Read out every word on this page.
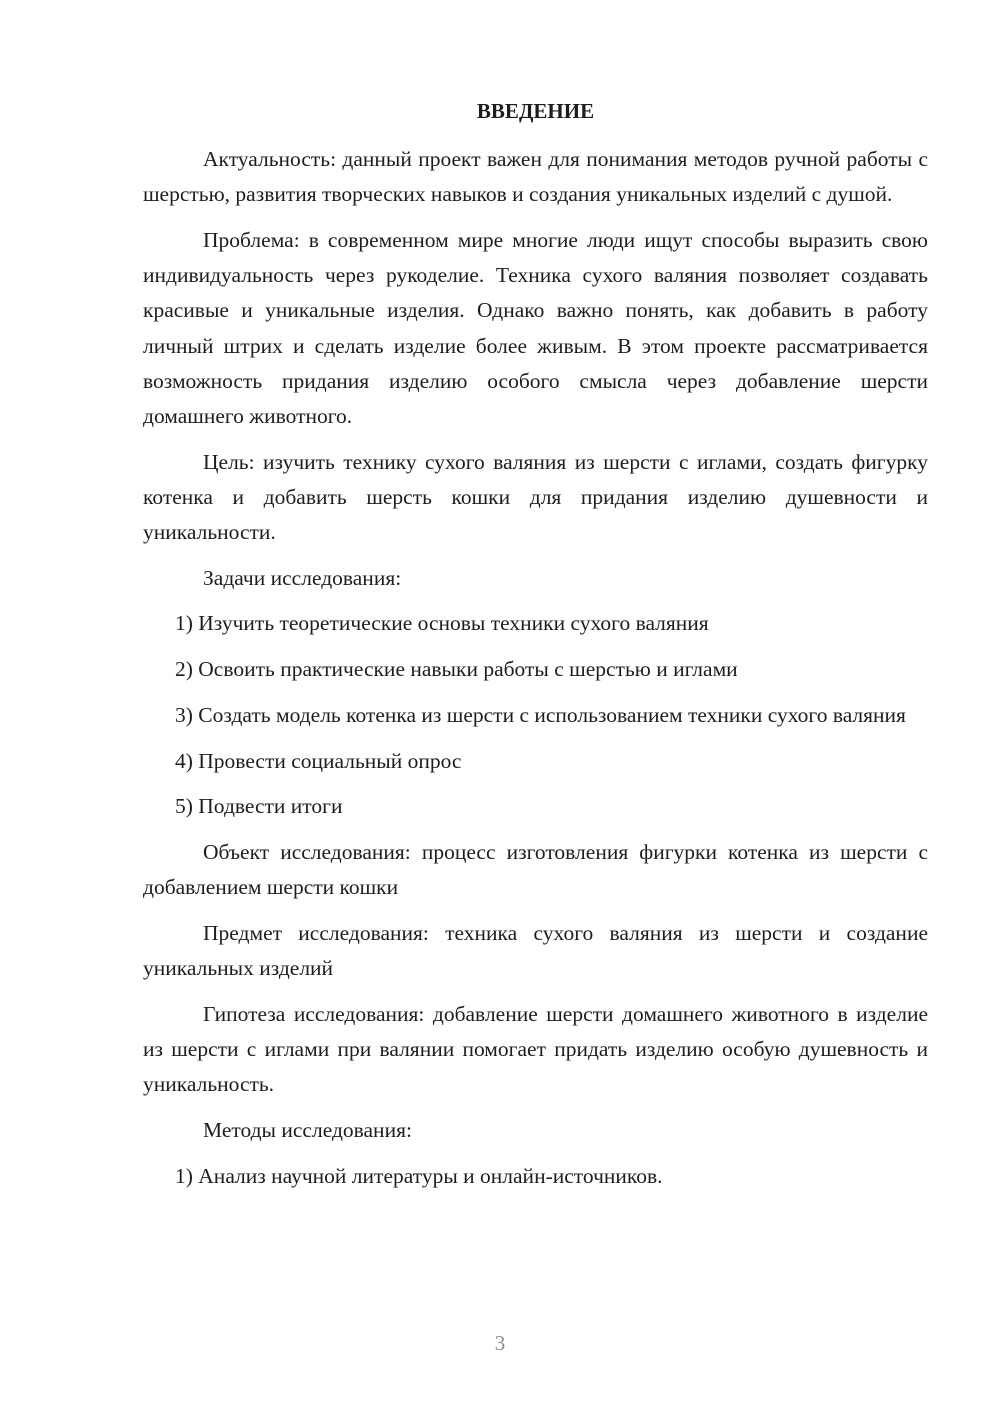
ВВЕДЕНИЕ

Актуальность: данный проект важен для понимания методов ручной работы с шерстью, развития творческих навыков и создания уникальных изделий с душой.

Проблема: в современном мире многие люди ищут способы выразить свою индивидуальность через рукоделие. Техника сухого валяния позволяет создавать красивые и уникальные изделия. Однако важно понять, как добавить в работу личный штрих и сделать изделие более живым. В этом проекте рассматривается возможность придания изделию особого смысла через добавление шерсти домашнего животного.

Цель: изучить технику сухого валяния из шерсти с иглами, создать фигурку котенка и добавить шерсть кошки для придания изделию душевности и уникальности.

Задачи исследования:

1) Изучить теоретические основы техники сухого валяния

2) Освоить практические навыки работы с шерстью и иглами

3) Создать модель котенка из шерсти с использованием техники сухого валяния

4) Провести социальный опрос

5) Подвести итоги

Объект исследования: процесс изготовления фигурки котенка из шерсти с добавлением шерсти кошки

Предмет исследования: техника сухого валяния из шерсти и создание уникальных изделий

Гипотеза исследования: добавление шерсти домашнего животного в изделие из шерсти с иглами при валянии помогает придать изделию особую душевность и уникальность.

Методы исследования:

1) Анализ научной литературы и онлайн-источников.

3
